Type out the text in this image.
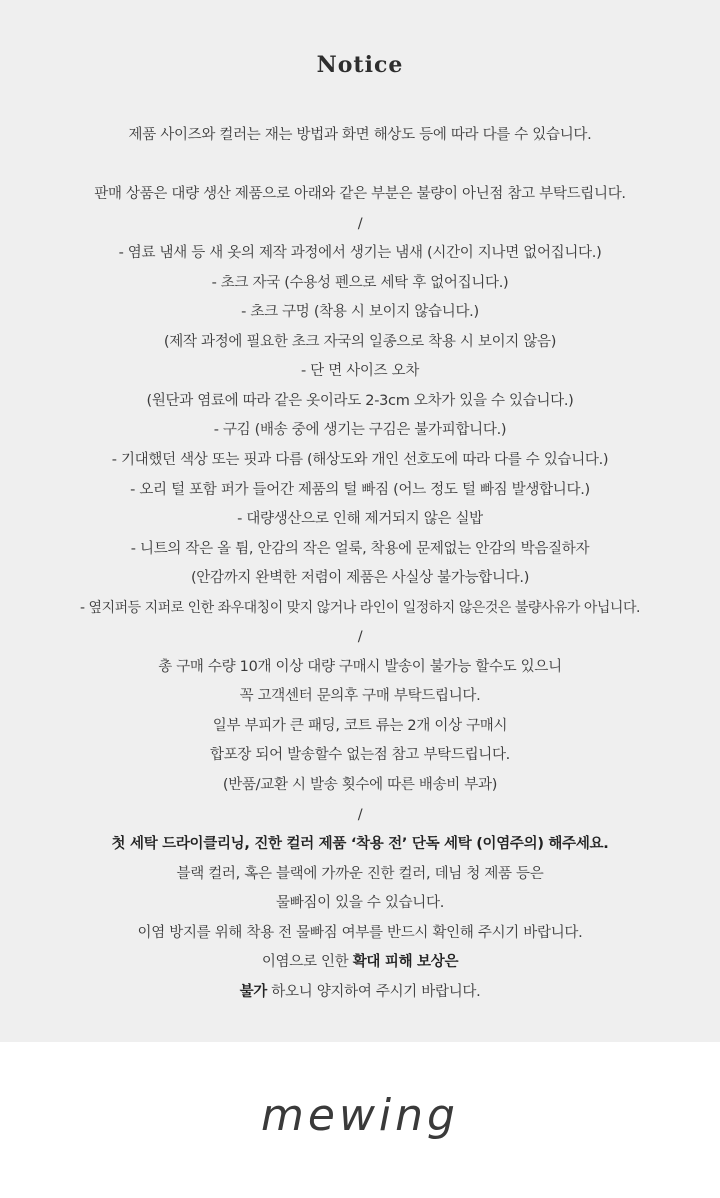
Notice
제품 사이즈와 컬러는 재는 방법과 화면 해상도 등에 따라 다를 수 있습니다.
판매 상품은 대량 생산 제품으로 아래와 같은 부분은 불량이 아닌점 참고 부탁드립니다.
/
- 염료 냄새 등 새 옷의 제작 과정에서 생기는 냄새 (시간이 지나면 없어집니다.)
- 초크 자국 (수용성 펜으로 세탁 후 없어집니다.)
- 초크 구멍 (착용 시 보이지 않습니다.)
(제작 과정에 필요한 초크 자국의 일종으로 착용 시 보이지 않음)
- 단 면 사이즈 오차
(원단과 염료에 따라 같은 옷이라도 2-3cm 오차가 있을 수 있습니다.)
- 구김 (배송 중에 생기는 구김은 불가피합니다.)
- 기대했던 색상 또는 핏과 다름 (해상도와 개인 선호도에 따라 다를 수 있습니다.)
- 오리 털 포함 퍼가 들어간 제품의 털 빠짐 (어느 정도 털 빠짐 발생합니다.)
- 대량생산으로 인해 제거되지 않은 실밥
- 니트의 작은 올 튐, 안감의 작은 얼룩, 착용에 문제없는 안감의 박음질하자
(안감까지 완벽한 저렴이 제품은 사실상 불가능합니다.)
- 옆지퍼등 지퍼로 인한 좌우대칭이 맞지 않거나 라인이 일정하지 않은것은 불량사유가 아닙니다.
/
총 구매 수량 10개 이상 대량 구매시 발송이 불가능 할수도 있으니
꼭 고객센터 문의후 구매 부탁드립니다.
일부 부피가 큰 패딩, 코트 류는 2개 이상 구매시
합포장 되어 발송할수 없는점 참고 부탁드립니다.
(반품/교환 시 발송 횟수에 따른 배송비 부과)
/
첫 세탁 드라이클리닝, 진한 컬러 제품 ‘착용 전’ 단독 세탁 (이염주의) 해주세요.
블랙 컬러, 혹은 블랙에 가까운 진한 컬러, 데님 청 제품 등은
물빠짐이 있을 수 있습니다.
이염 방지를 위해 착용 전 물빠짐 여부를 반드시 확인해 주시기 바랍니다.
이염으로 인한 확대 피해 보상은
불가 하오니 양지하여 주시기 바랍니다.
mewing
